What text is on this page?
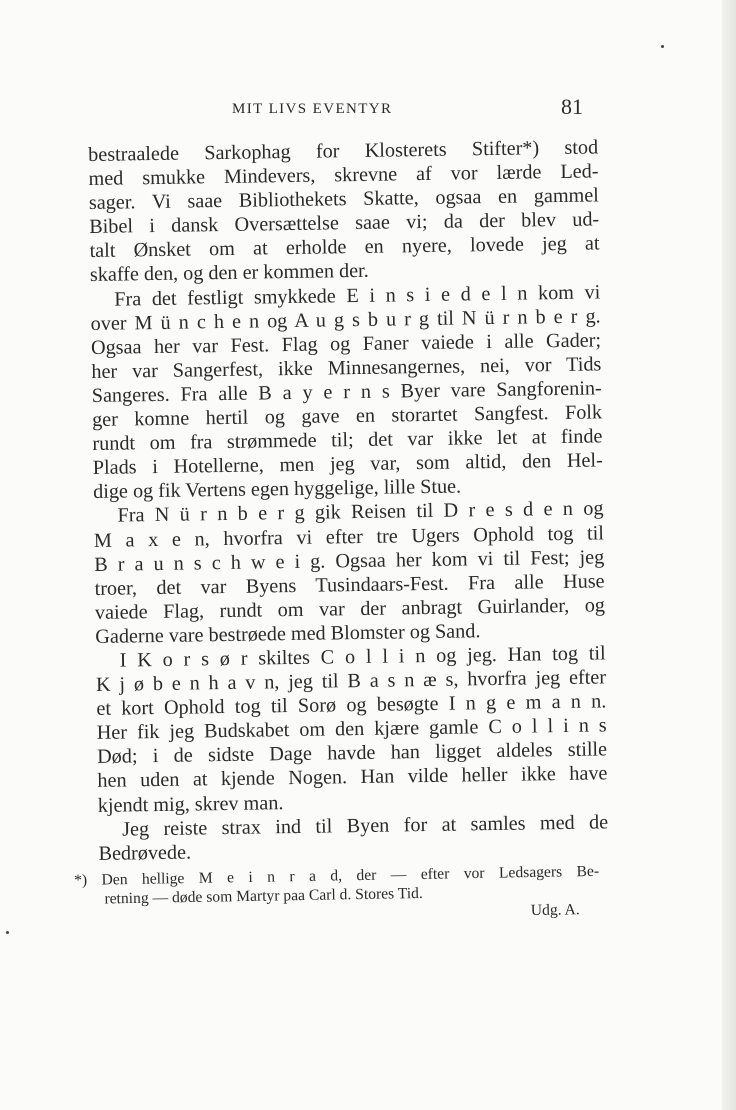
MIT LIVS EVENTYR	81
bestraalede Sarkophag for Klosterets Stifter*) stod
med smukke Mindevers, skrevne af vor lærde Led-
sager. Vi saae Bibliothekets Skatte, ogsaa en gammel
Bibel i dansk Oversættelse saae vi; da der blev ud-
talt Ønsket om at erholde en nyere, lovede jeg at
skaffe den, og den er kommen der.
Fra det festligt smykkede E i n s i e d e l n kom vi
over M ü n c h e n og A u g s b u r g til N ü r n b e r g.
Ogsaa her var Fest. Flag og Faner vaiede i alle Gader;
her var Sangerfest, ikke Minnesangernes, nei, vor Tids
Sangeres. Fra alle B a y e r n s Byer vare Sangforenin-
ger komne hertil og gave en storartet Sangfest. Folk
rundt om fra strømmede til; det var ikke let at finde
Plads i Hotellerne, men jeg var, som altid, den Hel-
dige og fik Vertens egen hyggelige, lille Stue.
Fra N ü r n b e r g gik Reisen til D r e s d e n og
M a x e n, hvorfra vi efter tre Ugers Ophold tog til
B r a u n s c h w e i g. Ogsaa her kom vi til Fest; jeg
troer, det var Byens Tusindaars-Fest. Fra alle Huse
vaiede Flag, rundt om var der anbragt Guirlander, og
Gaderne vare bestrøede med Blomster og Sand.
I K o r s ø r skiltes C o l l i n og jeg. Han tog til
K j ø b e n h a v n, jeg til B a s n æ s, hvorfra jeg efter
et kort Ophold tog til Sorø og besøgte I n g e m a n n.
Her fik jeg Budskabet om den kjære gamle C o l l i n s
Død; i de sidste Dage havde han ligget aldeles stille
hen uden at kjende Nogen. Han vilde heller ikke have
kjendt mig, skrev man.
Jeg reiste strax ind til Byen for at samles med de
Bedrøvede.
*) Den hellige M e i n r a d, der — efter vor Ledsagers Be-
retning — døde som Martyr paa Carl d. Stores Tid.
Udg. A.
